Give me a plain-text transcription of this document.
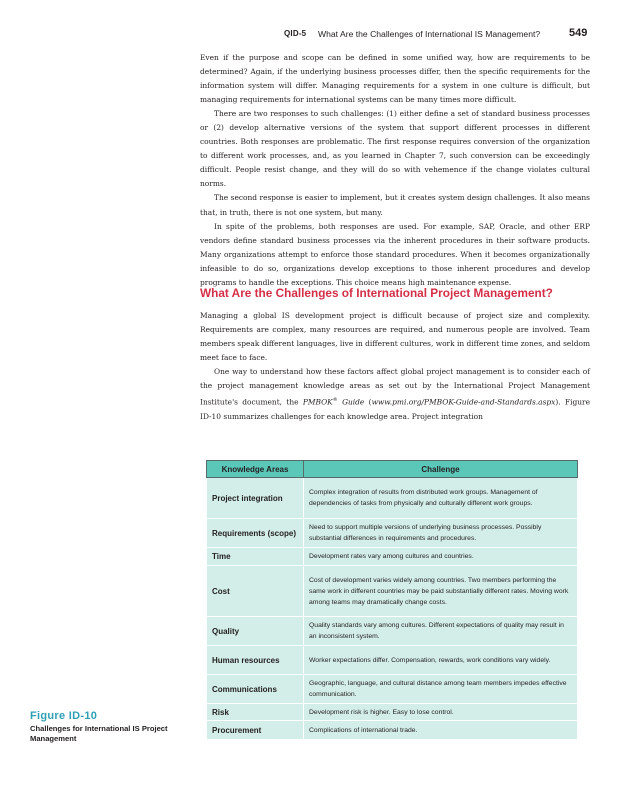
QID-5 What Are the Challenges of International IS Management?	549

Even if the purpose and scope can be defined in some unified way, how are requirements to be determined? Again, if the underlying business processes differ, then the specific requirements for the information system will differ. Managing requirements for a system in one culture is difficult, but managing requirements for international systems can be many times more difficult.

There are two responses to such challenges: (1) either define a set of standard business processes or (2) develop alternative versions of the system that support different processes in different countries. Both responses are problematic. The first response requires conversion of the organization to different work processes, and, as you learned in Chapter 7, such conversion can be exceedingly difficult. People resist change, and they will do so with vehemence if the change violates cultural norms.

The second response is easier to implement, but it creates system design challenges. It also means that, in truth, there is not one system, but many.

In spite of the problems, both responses are used. For example, SAP, Oracle, and other ERP vendors define standard business processes via the inherent procedures in their software products. Many organizations attempt to enforce those standard procedures. When it becomes organizationally infeasible to do so, organizations develop exceptions to those inherent procedures and develop programs to handle the exceptions. This choice means high maintenance expense.

What Are the Challenges of International Project Management?

Managing a global IS development project is difficult because of project size and complexity. Requirements are complex, many resources are required, and numerous people are involved. Team members speak different languages, live in different cultures, work in different time zones, and seldom meet face to face.

One way to understand how these factors affect global project management is to consider each of the project management knowledge areas as set out by the International Project Management Institute's document, the PMBOK® Guide (www.pmi.org/PMBOK-Guide-and-Standards.aspx). Figure ID-10 summarizes challenges for each knowledge area. Project integration

Knowledge Areas	Challenge
Project integration	Complex integration of results from distributed work groups. Management of dependencies of tasks from physically and culturally different work groups.
Requirements (scope)	Need to support multiple versions of underlying business processes. Possibly substantial differences in requirements and procedures.
Time	Development rates vary among cultures and countries.
Cost	Cost of development varies widely among countries. Two members performing the same work in different countries may be paid substantially different rates. Moving work among teams may dramatically change costs.
Quality	Quality standards vary among cultures. Different expectations of quality may result in an inconsistent system.
Human resources	Worker expectations differ. Compensation, rewards, work conditions vary widely.
Communications	Geographic, language, and cultural distance among team members impedes effective communication.
Risk	Development risk is higher. Easy to lose control.
Procurement	Complications of international trade.
Figure ID-10
Challenges for International IS Project Management
